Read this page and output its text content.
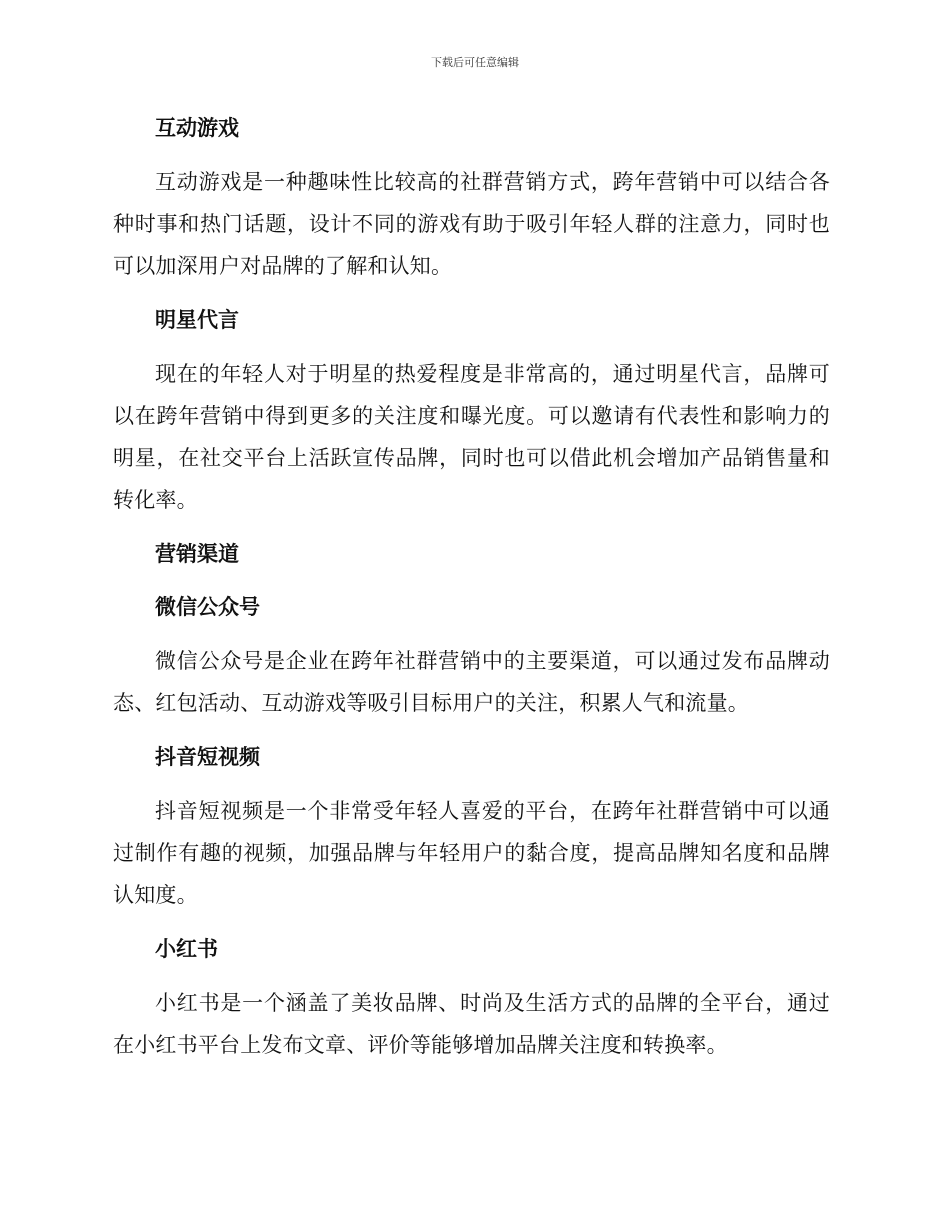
下载后可任意编辑
互动游戏

互动游戏是一种趣味性比较高的社群营销方式，跨年营销中可以结合各种时事和热门话题，设计不同的游戏有助于吸引年轻人群的注意力，同时也可以加深用户对品牌的了解和认知。

明星代言

现在的年轻人对于明星的热爱程度是非常高的，通过明星代言，品牌可以在跨年营销中得到更多的关注度和曝光度。可以邀请有代表性和影响力的明星，在社交平台上活跃宣传品牌，同时也可以借此机会增加产品销售量和转化率。

营销渠道
微信公众号

微信公众号是企业在跨年社群营销中的主要渠道，可以通过发布品牌动态、红包活动、互动游戏等吸引目标用户的关注，积累人气和流量。

抖音短视频

抖音短视频是一个非常受年轻人喜爱的平台，在跨年社群营销中可以通过制作有趣的视频，加强品牌与年轻用户的黏合度，提高品牌知名度和品牌认知度。

小红书

小红书是一个涵盖了美妆品牌、时尚及生活方式的品牌的全平台，通过在小红书平台上发布文章、评价等能够增加品牌关注度和转换率。
